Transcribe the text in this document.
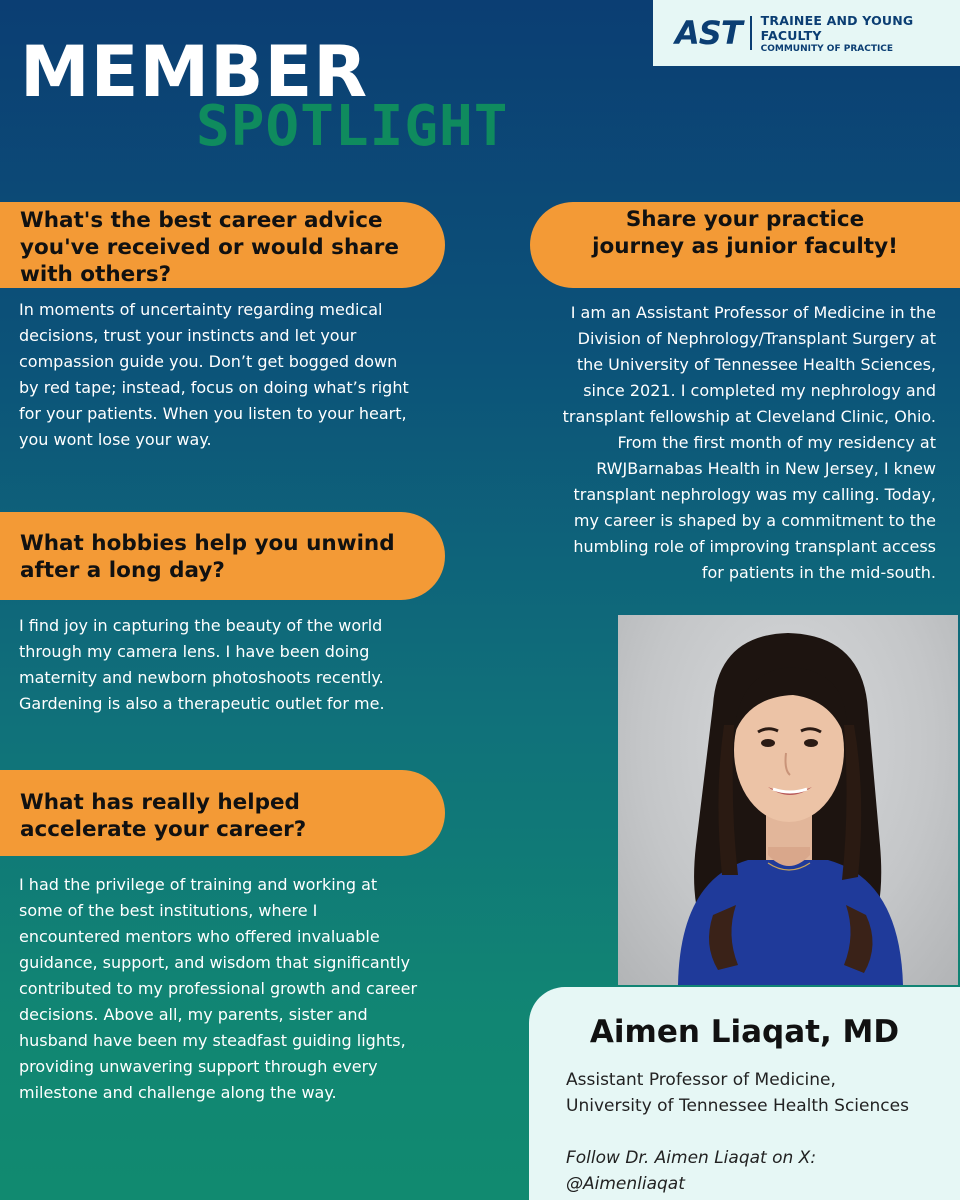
AST	TRAINEE AND YOUNG FACULTY
COMMUNITY OF PRACTICE
MEMBER
SPOTLIGHT
What's the best career advice you've received or would share with others?

In moments of uncertainty regarding medical decisions, trust your instincts and let your compassion guide you. Don’t get bogged down by red tape; instead, focus on doing what’s right for your patients. When you listen to your heart, you wont lose your way.

What hobbies help you unwind after a long day?

I find joy in capturing the beauty of the world through my camera lens. I have been doing maternity and newborn photoshoots recently. Gardening is also a therapeutic outlet for me.

What has really helped accelerate your career?

I had the privilege of training and working at some of the best institutions, where I encountered mentors who offered invaluable guidance, support, and wisdom that significantly contributed to my professional growth and career decisions. Above all, my parents, sister and husband have been my steadfast guiding lights, providing unwavering support through every milestone and challenge along the way.

Share your practice journey as junior faculty!

I am an Assistant Professor of Medicine in the Division of Nephrology/Transplant Surgery at the University of Tennessee Health Sciences, since 2021. I completed my nephrology and transplant fellowship at Cleveland Clinic, Ohio. From the first month of my residency at RWJBarnabas Health in New Jersey, I knew transplant nephrology was my calling. Today, my career is shaped by a commitment to the humbling role of improving transplant access for patients in the mid-south.

Aimen Liaqat, MD
Assistant Professor of Medicine,
University of Tennessee Health Sciences
Follow Dr. Aimen Liaqat on X:
@Aimenliaqat
